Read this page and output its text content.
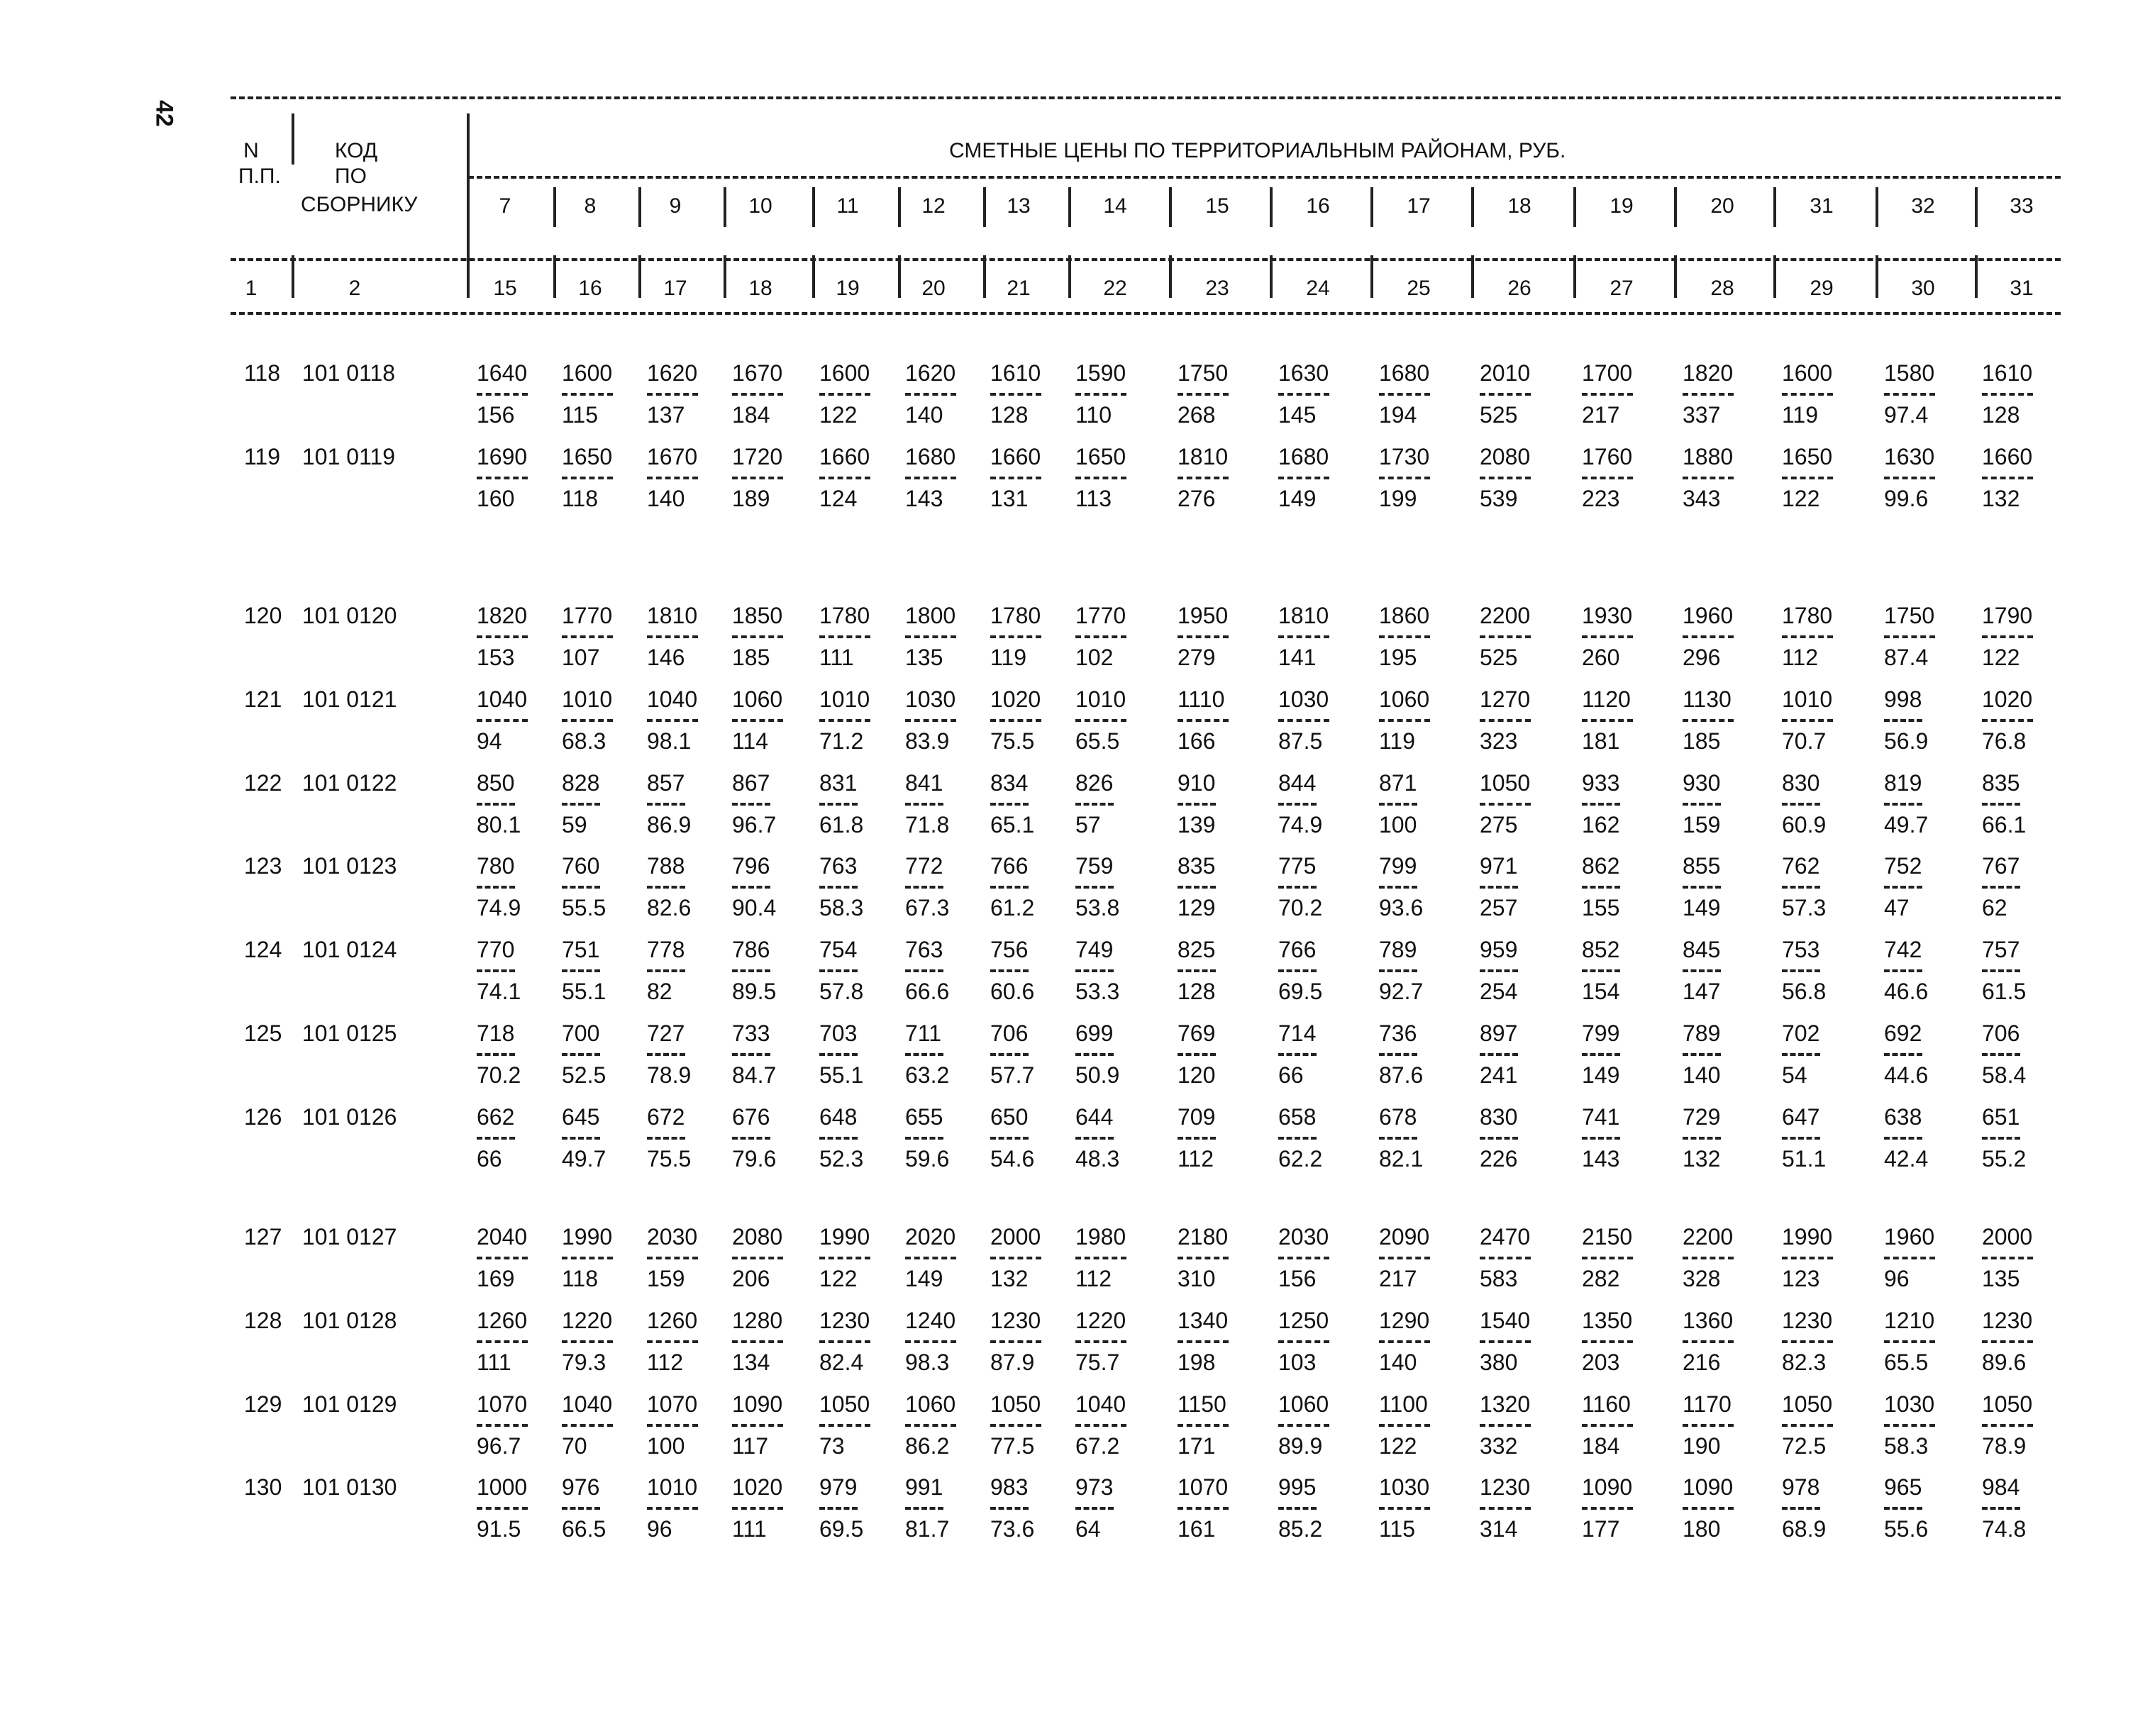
42
N
П.П.
КОД
ПО
СБОРНИКУ
СМЕТНЫЕ ЦЕНЫ ПО ТЕРРИТОРИАЛЬНЫМ РАЙОНАМ, РУБ.
7	8	9	10	11	12	13	14	15	16	17	18	19	20	31	32	33
1	2	15	16	17	18	19	20	21	22	23	24	25	26	27	28	29	30	31
118 101 0118	1640 1600 1620 1670 1600 1620 1610 1590 1750 1630 1680 2010 1700 1820 1600 1580 1610
156 115 137 184 122 140 128 110	268	145	194	525	217	337	119	97.4 128
119 101 0119	1690 1650 1670 1720 1660 1680 1660 1650 1810 1680 1730 2080 1760 1880 1650 1630 1660
160 118 140 189 124 143 131 113	276	149	199	539	223	343	122	99.6 132
120 101 0120	1820 1770 1810 1850 1780 1800 1780 1770 1950 1810 1860 2200 1930 1960 1780 1750 1790
153 107 146 185 111 135 119 102	279	141	195	525	260	296	112	87.4 122
121 101 0121	1040 1010 1040 1060 1010 1030 1020 1010 1110 1030 1060 1270 1120 1130 1010 998	1020
94	68.3 98.1 114 71.2 83.9 75.5 65.5	166	87.5 119	323	181	185	70.7	56.9 76.8
122 101 0122	850 828 857 867 831 841 834 826	910	844	871	1050 933	930	830	819	835
80.1 59	86.9 96.7 61.8 71.8 65.1 57	139	74.9 100	275	162	159	60.9	49.7 66.1
123 101 0123	780 760 788 796 763 772 766 759	835	775	799	971	862	855	762	752	767
74.9 55.5 82.6 90.4 58.3 67.3 61.2 53.8	129	70.2 93.6 257	155	149	57.3	47	62
124 101 0124	770 751 778 786 754 763 756 749	825	766	789	959	852	845	753	742	757
74.1 55.1 82	89.5 57.8 66.6 60.6 53.3	128	69.5 92.7 254	154	147	56.8	46.6 61.5
125 101 0125	718 700 727 733 703 711 706 699	769	714	736	897	799	789	702	692	706
70.2 52.5 78.9 84.7 55.1 63.2 57.7 50.9	120	66	87.6 241	149	140	54	44.6 58.4
126 101 0126	662 645 672 676 648 655 650 644	709	658	678	830	741	729	647	638	651
66	49.7 75.5 79.6 52.3 59.6 54.6 48.3	112	62.2 82.1 226	143	132	51.1	42.4 55.2
127 101 0127	2040 1990 2030 2080 1990 2020 2000 1980 2180 2030 2090 2470 2150 2200 1990 1960 2000
169 118 159 206 122 149 132 112	310	156	217	583	282	328	123	96	135
128 101 0128	1260 1220 1260 1280 1230 1240 1230 1220 1340 1250 1290 1540 1350 1360 1230 1210 1230
111 79.3 112 134 82.4 98.3 87.9 75.7	198	103	140	380	203	216	82.3	65.5 89.6
129 101 0129	1070 1040 1070 1090 1050 1060 1050 1040 1150 1060 1100 1320 1160 1170 1050 1030 1050
96.7 70	100 117 73	86.2 77.5 67.2	171	89.9 122	332	184	190	72.5	58.3 78.9
130 101 0130	1000 976 1010 1020 979 991 983 973	1070 995	1030 1230 1090 1090 978	965	984
91.5 66.5 96	111 69.5 81.7 73.6 64	161	85.2 115	314	177	180	68.9	55.6 74.8
